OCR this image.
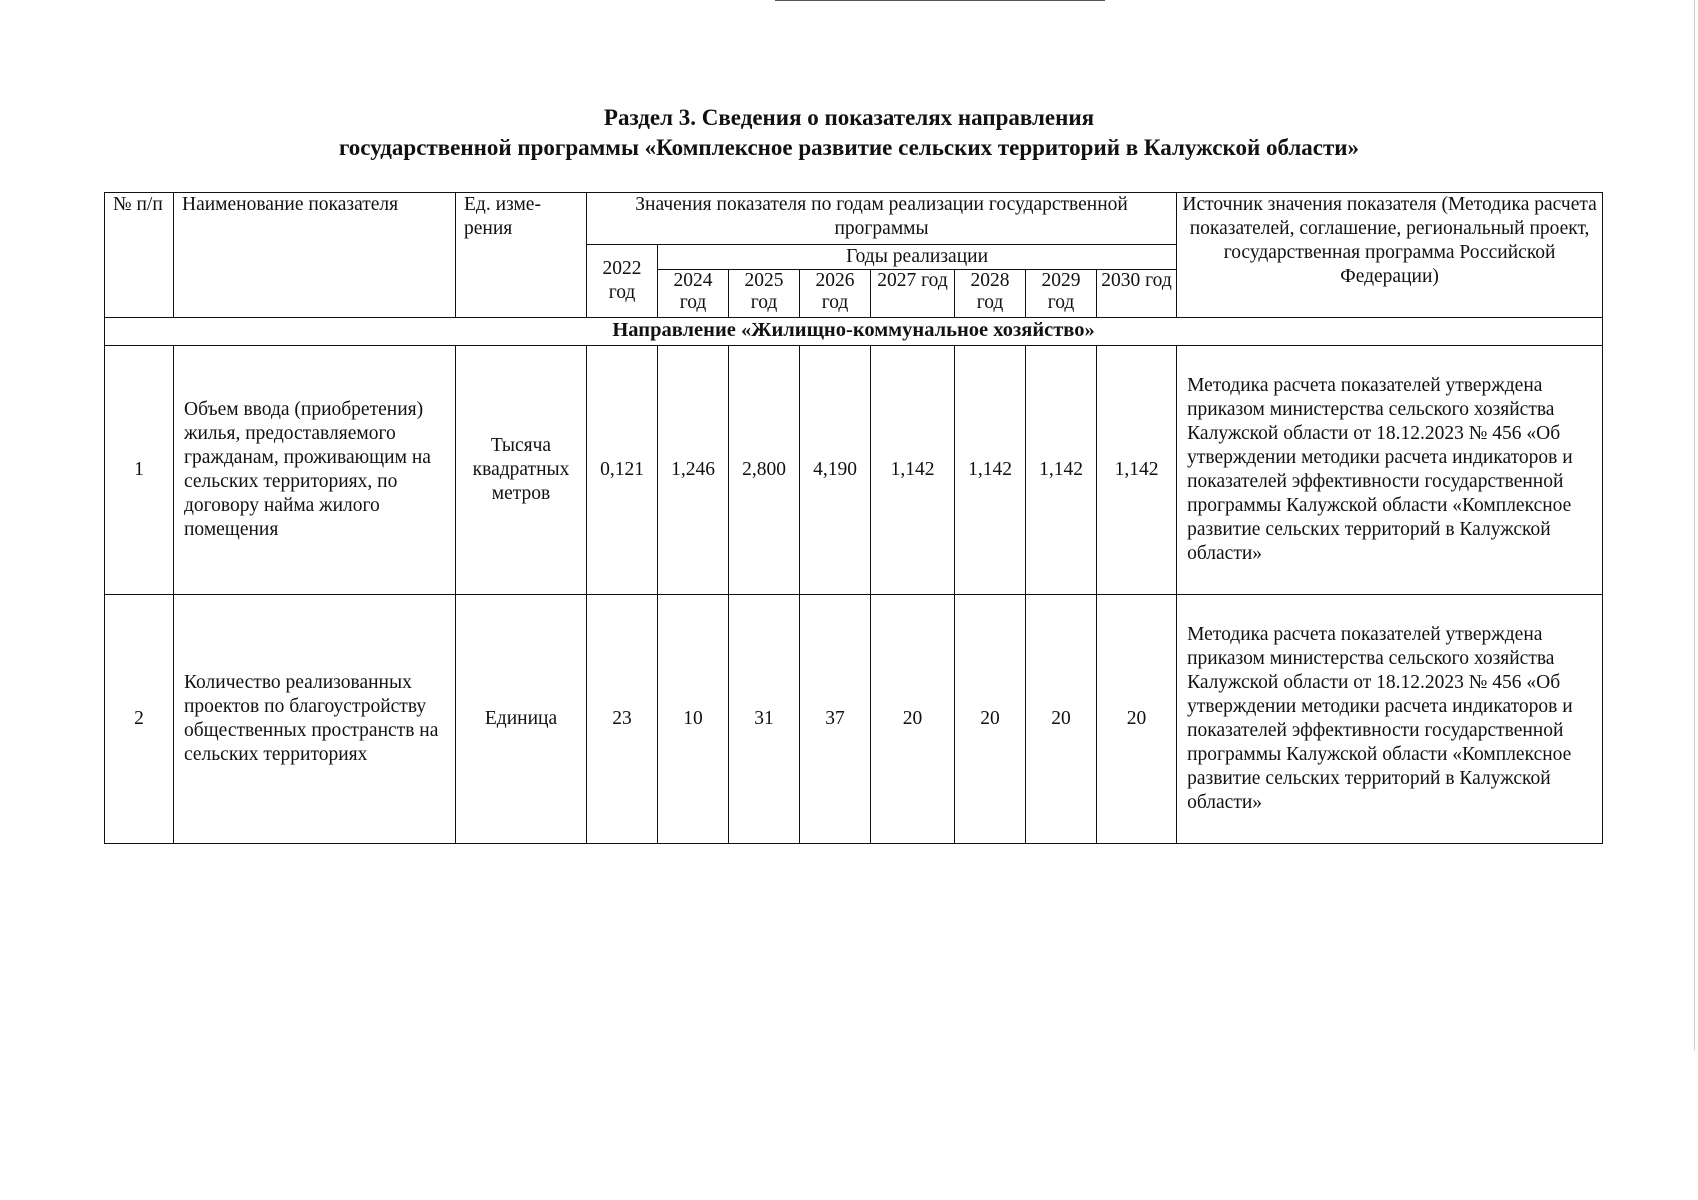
Раздел 3. Сведения о показателях направления
государственной программы «Комплексное развитие сельских территорий в Калужской области»
№ п/п	Наименование показателя	Ед. изме-рения	Значения показателя по годам реализации государственной программы								Источник значения показателя (Методика расчета показателей, соглашение, региональный проект, государственная программа Российской Федерации)
			2022 год	Годы реализации							
				2024 год	2025 год	2026 год	2027 год	2028 год	2029 год	2030 год	
Направление «Жилищно-коммунальное хозяйство»											
1	Объем ввода (приобретения) жилья, предоставляемого гражданам, проживающим на сельских территориях, по договору найма жилого помещения	Тысяча квадратных метров	0,121	1,246	2,800	4,190	1,142	1,142	1,142	1,142	Методика расчета показателей утверждена приказом министерства сельского хозяйства Калужской области от 18.12.2023 № 456 «Об утверждении методики расчета индикаторов и показателей эффективности государственной программы Калужской области «Комплексное развитие сельских территорий в Калужской области»
2	Количество реализованных проектов по благоустройству общественных пространств на сельских территориях	Единица	23	10	31	37	20	20	20	20	Методика расчета показателей утверждена приказом министерства сельского хозяйства Калужской области от 18.12.2023 № 456 «Об утверждении методики расчета индикаторов и показателей эффективности государственной программы Калужской области «Комплексное развитие сельских территорий в Калужской области»
